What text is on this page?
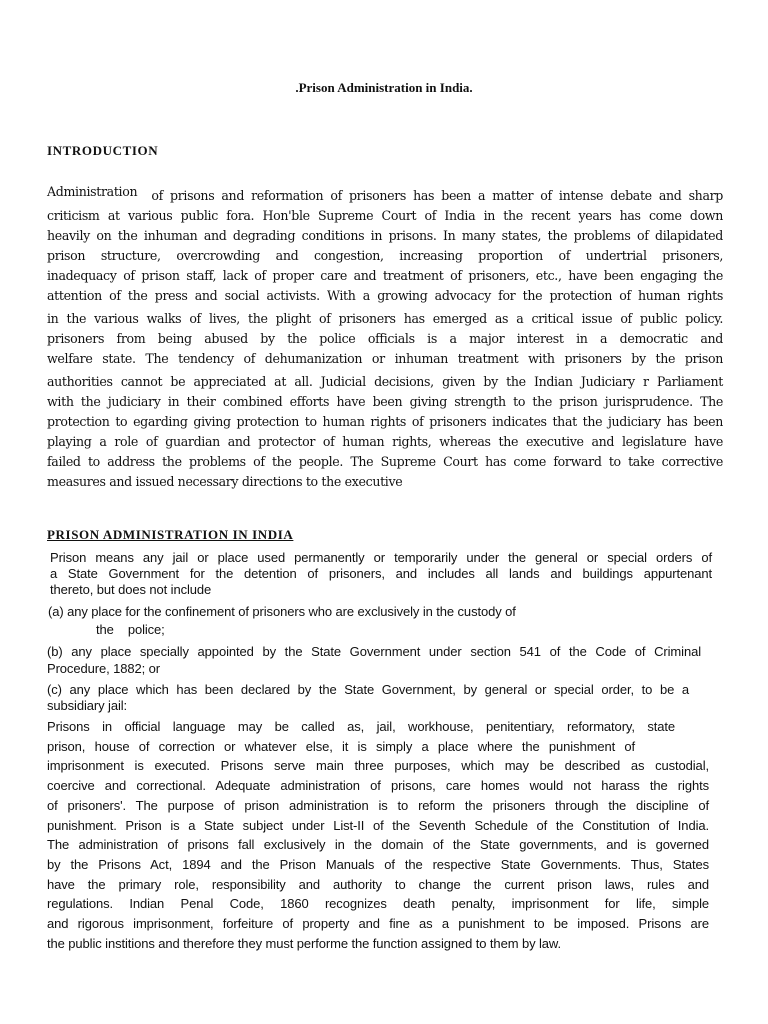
.Prison Administration in India.
INTRODUCTION
Administration of prisons and reformation of prisoners has been a matter of intense debate and sharp
criticism at various public fora. Hon'ble Supreme Court of India in the recent years has come down
heavily on the inhuman and degrading conditions in prisons. In many states, the problems of dilapidated
prison structure, overcrowding and congestion, increasing proportion of undertrial prisoners,
inadequacy of prison staff, lack of proper care and treatment of prisoners, etc., have been engaging the
attention of the press and social activists. With a growing advocacy for the protection of human rights
in the various walks of lives, the plight of prisoners has emerged as a critical issue of public policy.
prisoners from being abused by the police officials is a major interest in a democratic and
welfare state. The tendency of dehumanization or inhuman treatment with prisoners by the prison
authorities cannot be appreciated at all. Judicial decisions, given by the Indian Judiciary r Parliament
with the judiciary in their combined efforts have been giving strength to the prison jurisprudence. The
protection to egarding giving protection to human rights of prisoners indicates that the judiciary has been
playing a role of guardian and protector of human rights, whereas the executive and legislature have
failed to address the problems of the people. The Supreme Court has come forward to take corrective
measures and issued necessary directions to the executive
PRISON ADMINISTRATION IN INDIA
Prison means any jail or place used permanently or temporarily under the general or special orders of
a State Government for the detention of prisoners, and includes all lands and buildings appurtenant
thereto, but does not include
(a) any place for the confinement of prisoners who are exclusively in the custody of
the    police;
(b) any place specially appointed by the State Government under section 541 of the Code of Criminal
Procedure, 1882; or
(c) any place which has been declared by the State Government, by general or special order, to be a
subsidiary jail:
Prisons in official language may be called as, jail, workhouse, penitentiary, reformatory, state
prison, house of correction or whatever else, it is simply a place where the punishment of
imprisonment is executed. Prisons serve main three purposes, which may be described as custodial,
coercive and correctional. Adequate administration of prisons, care homes would not harass the rights
of prisoners'. The purpose of prison administration is to reform the prisoners through the discipline of
punishment. Prison is a State subject under List-II of the Seventh Schedule of the Constitution of India.
The administration of prisons fall exclusively in the domain of the State governments, and is governed
by the Prisons Act, 1894 and the Prison Manuals of the respective State Governments. Thus, States
have the primary role, responsibility and authority to change the current prison laws, rules and
regulations. Indian Penal Code, 1860 recognizes death penalty, imprisonment for life, simple
and rigorous imprisonment, forfeiture of property and fine as a punishment to be imposed. Prisons are
the public institions and therefore they must performe the function assigned to them by law.
